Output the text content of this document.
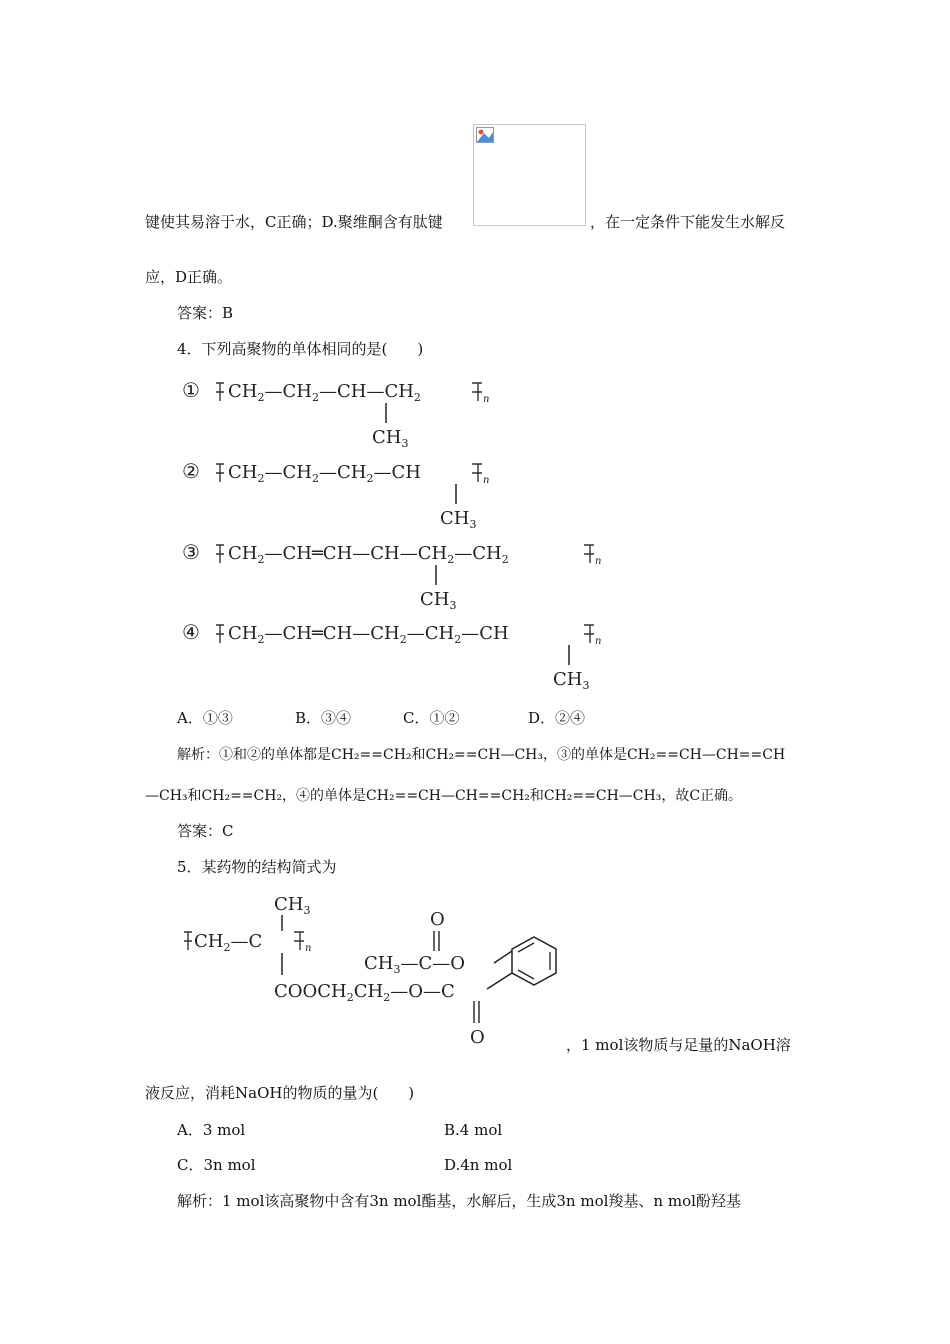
键使其易溶于水，C正确；D.聚维酮含有肽键	，在一定条件下能发生水解反
应，D正确。
答案：B
4．下列高聚物的单体相同的是(　　)
① $CH_2—CH_2—CH—CH_2$	n
$CH_3$
② $CH_2—CH_2—CH_2—CH$	n
$CH_3$
③ $CH_2—CH═CH—CH—CH_2—CH_2$	n
$CH_3$
④ $CH_2—CH═CH—CH_2—CH_2—CH$	n
$CH_3$
A．①③	B．③④	C．①②	D．②④
解析：①和②的单体都是CH₂==CH₂和CH₂==CH—CH₃，③的单体是CH₂==CH—CH==CH
—CH₃和CH₂==CH₂，④的单体是CH₂==CH—CH==CH₂和CH₂==CH—CH₃，故C正确。
答案：C
5．某药物的结构简式为
$CH_2—C$	n
$CH_3$
$COOCH_2CH_2—O—C$
$CH_3—C—O$
O
O	，1 mol该物质与足量的NaOH溶
液反应，消耗NaOH的物质的量为(　　)
A．3 mol	B.4 mol
C．3n mol	D.4n mol
解析：1 mol该高聚物中含有3n mol酯基，水解后，生成3n mol羧基、n mol酚羟基
